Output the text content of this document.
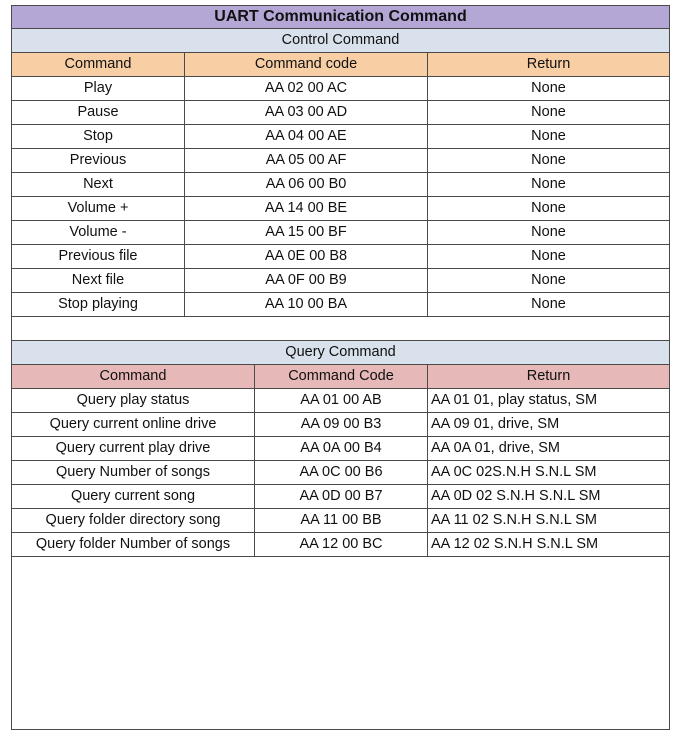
UART Communication Command
Control Command
Command	Command code	Return
Play	AA 02 00 AC	None
Pause	AA 03 00 AD	None
Stop	AA 04 00 AE	None
Previous	AA 05 00 AF	None
Next	AA 06 00 B0	None
Volume +	AA 14 00 BE	None
Volume -	AA 15 00 BF	None
Previous file	AA 0E 00 B8	None
Next file	AA 0F 00 B9	None
Stop playing	AA 10 00 BA	None
Query Command
Command	Command Code	Return
Query play status	AA 01 00 AB	AA 01 01, play status, SM
Query current online drive	AA 09 00 B3	AA 09 01, drive, SM
Query current play drive	AA 0A 00 B4	AA 0A 01, drive, SM
Query Number of songs	AA 0C 00 B6	AA 0C 02S.N.H S.N.L SM
Query current song	AA 0D 00 B7	AA 0D 02 S.N.H S.N.L SM
Query folder directory song	AA 11 00 BB	AA 11 02 S.N.H S.N.L SM
Query folder Number of songs	AA 12 00 BC	AA 12 02 S.N.H S.N.L SM
